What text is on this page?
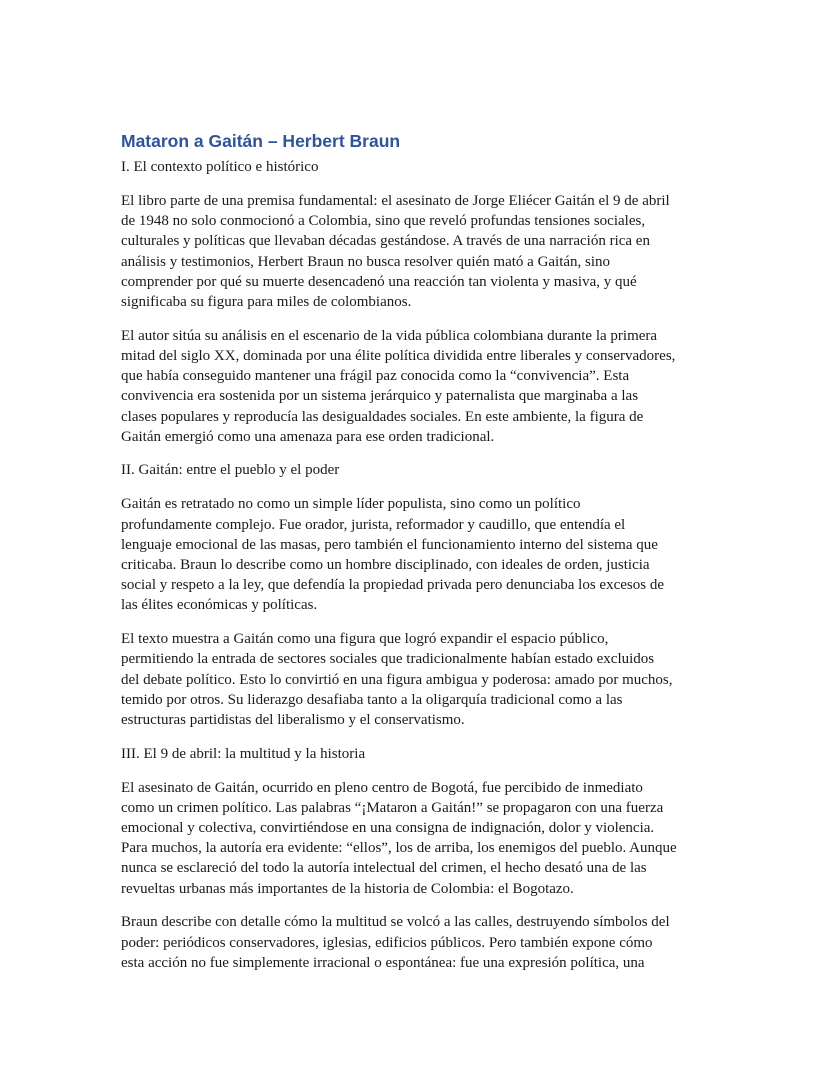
Mataron a Gaitán – Herbert Braun
I. El contexto político e histórico
El libro parte de una premisa fundamental: el asesinato de Jorge Eliécer Gaitán el 9 de abril
de 1948 no solo conmocionó a Colombia, sino que reveló profundas tensiones sociales,
culturales y políticas que llevaban décadas gestándose. A través de una narración rica en
análisis y testimonios, Herbert Braun no busca resolver quién mató a Gaitán, sino
comprender por qué su muerte desencadenó una reacción tan violenta y masiva, y qué
significaba su figura para miles de colombianos.
El autor sitúa su análisis en el escenario de la vida pública colombiana durante la primera
mitad del siglo XX, dominada por una élite política dividida entre liberales y conservadores,
que había conseguido mantener una frágil paz conocida como la “convivencia”. Esta
convivencia era sostenida por un sistema jerárquico y paternalista que marginaba a las
clases populares y reproducía las desigualdades sociales. En este ambiente, la figura de
Gaitán emergió como una amenaza para ese orden tradicional.
II. Gaitán: entre el pueblo y el poder
Gaitán es retratado no como un simple líder populista, sino como un político
profundamente complejo. Fue orador, jurista, reformador y caudillo, que entendía el
lenguaje emocional de las masas, pero también el funcionamiento interno del sistema que
criticaba. Braun lo describe como un hombre disciplinado, con ideales de orden, justicia
social y respeto a la ley, que defendía la propiedad privada pero denunciaba los excesos de
las élites económicas y políticas.
El texto muestra a Gaitán como una figura que logró expandir el espacio público,
permitiendo la entrada de sectores sociales que tradicionalmente habían estado excluidos
del debate político. Esto lo convirtió en una figura ambigua y poderosa: amado por muchos,
temido por otros. Su liderazgo desafiaba tanto a la oligarquía tradicional como a las
estructuras partidistas del liberalismo y el conservatismo.
III. El 9 de abril: la multitud y la historia
El asesinato de Gaitán, ocurrido en pleno centro de Bogotá, fue percibido de inmediato
como un crimen político. Las palabras “¡Mataron a Gaitán!” se propagaron con una fuerza
emocional y colectiva, convirtiéndose en una consigna de indignación, dolor y violencia.
Para muchos, la autoría era evidente: “ellos”, los de arriba, los enemigos del pueblo. Aunque
nunca se esclareció del todo la autoría intelectual del crimen, el hecho desató una de las
revueltas urbanas más importantes de la historia de Colombia: el Bogotazo.
Braun describe con detalle cómo la multitud se volcó a las calles, destruyendo símbolos del
poder: periódicos conservadores, iglesias, edificios públicos. Pero también expone cómo
esta acción no fue simplemente irracional o espontánea: fue una expresión política, una
